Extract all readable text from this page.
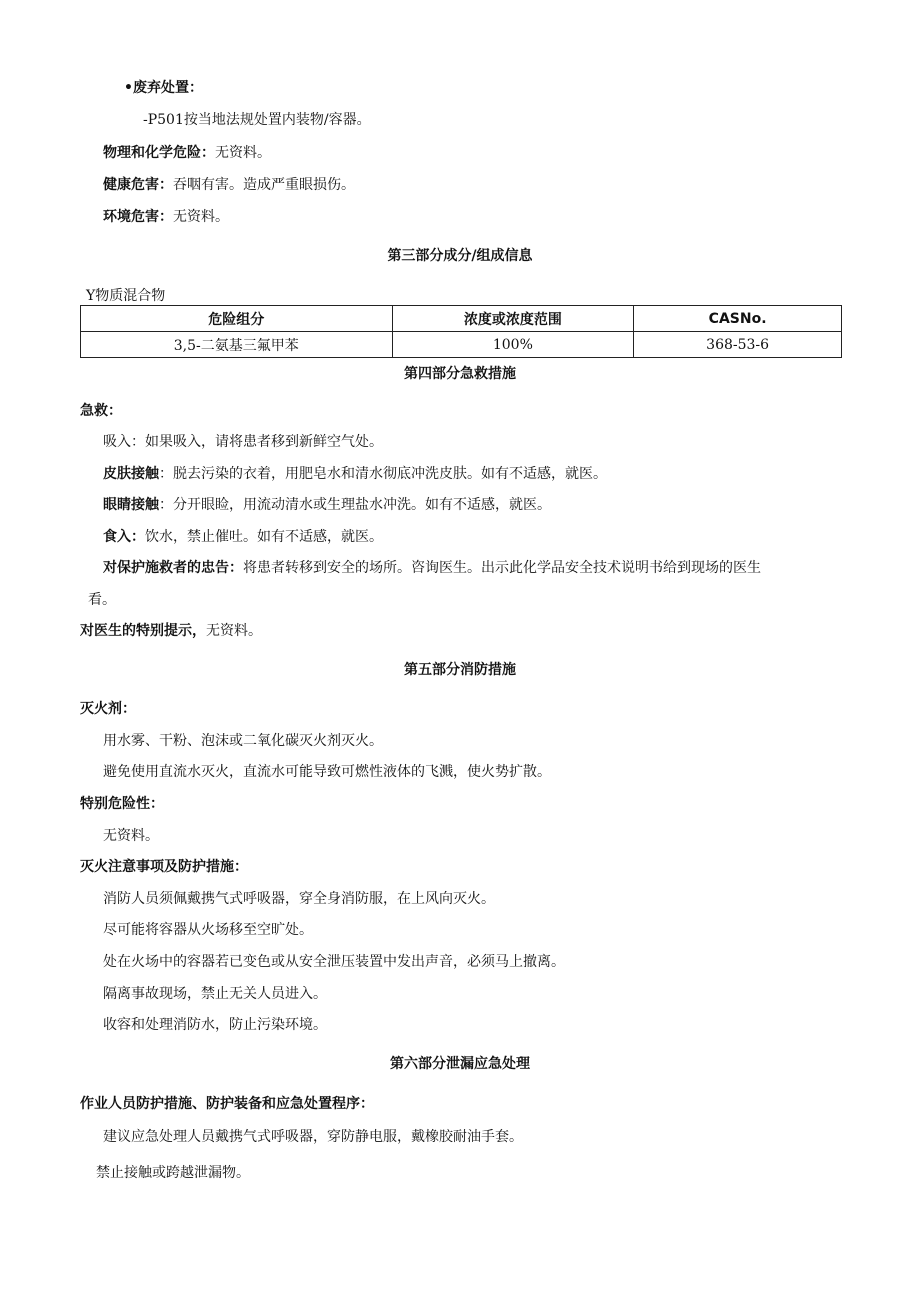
•废弃处置：
-P501按当地法规处置内装物/容器。
物理和化学危险：无资料。
健康危害：吞咽有害。造成严重眼损伤。
环境危害：无资料。
第三部分成分/组成信息
Y物质混合物
危险组分	浓度或浓度范围	CASNo.
3,5-二氨基三氟甲苯	100%	368-53-6
第四部分急救措施
急救：
吸入：如果吸入，请将患者移到新鲜空气处。
皮肤接触：脱去污染的衣着，用肥皂水和清水彻底冲洗皮肤。如有不适感，就医。
眼睛接触：分开眼睑，用流动清水或生理盐水冲洗。如有不适感，就医。
食入：饮水，禁止催吐。如有不适感，就医。
对保护施救者的忠告：将患者转移到安全的场所。咨询医生。出示此化学品安全技术说明书给到现场的医生
看。
对医生的特别提示，无资料。
第五部分消防措施
灭火剂：
用水雾、干粉、泡沫或二氧化碳灭火剂灭火。
避免使用直流水灭火，直流水可能导致可燃性液体的飞溅，使火势扩散。
特别危险性：
无资料。
灭火注意事项及防护措施：
消防人员须佩戴携气式呼吸器，穿全身消防服，在上风向灭火。
尽可能将容器从火场移至空旷处。
处在火场中的容器若已变色或从安全泄压装置中发出声音，必须马上撤离。
隔离事故现场，禁止无关人员进入。
收容和处理消防水，防止污染环境。
第六部分泄漏应急处理
作业人员防护措施、防护装备和应急处置程序：
建议应急处理人员戴携气式呼吸器，穿防静电服，戴橡胶耐油手套。
禁止接触或跨越泄漏物。
